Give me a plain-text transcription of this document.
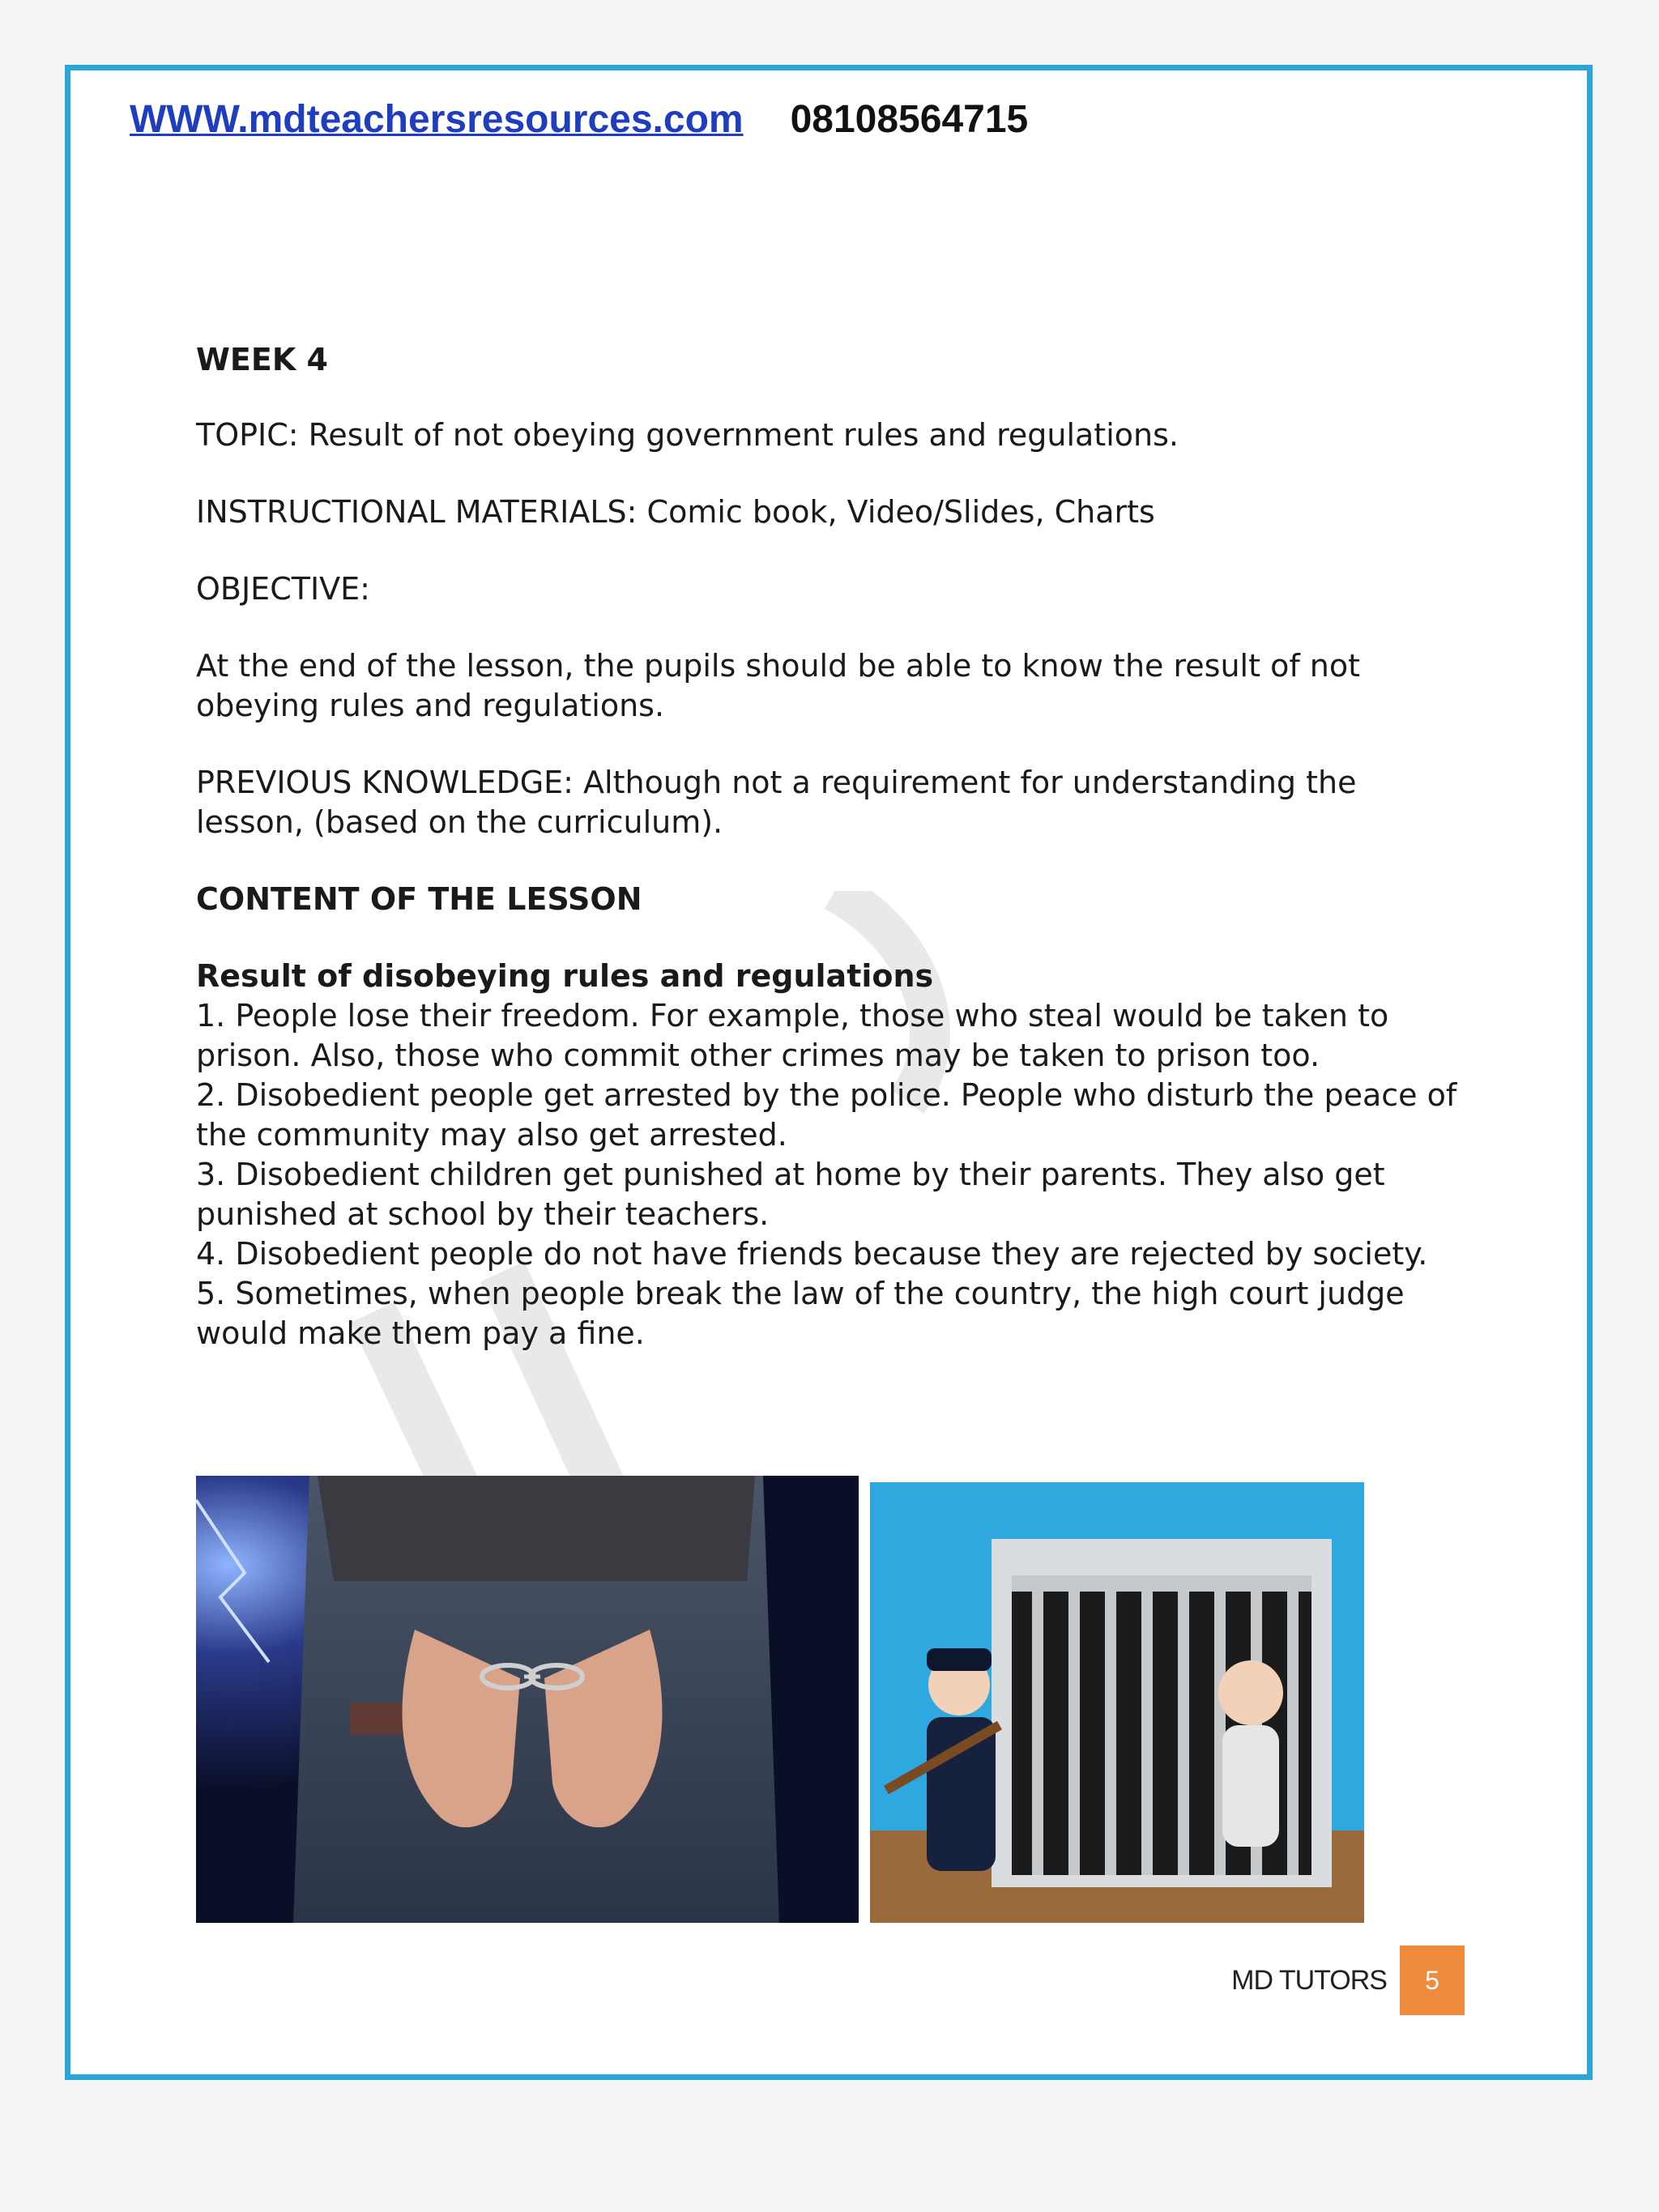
WWW.mdteachersresources.com 08108564715

WEEK 4

TOPIC: Result of not obeying government rules and regulations.

INSTRUCTIONAL MATERIALS: Comic book, Video/Slides, Charts

OBJECTIVE:

At the end of the lesson, the pupils should be able to know the result of not obeying rules and regulations.

PREVIOUS KNOWLEDGE: Although not a requirement for understanding the lesson, (based on the curriculum).

CONTENT OF THE LESSON

Result of disobeying rules and regulations

1. People lose their freedom. For example, those who steal would be taken to prison. Also, those who commit other crimes may be taken to prison too.

2. Disobedient people get arrested by the police. People who disturb the peace of the community may also get arrested.

3. Disobedient children get punished at home by their parents. They also get punished at school by their teachers.

4. Disobedient people do not have friends because they are rejected by society.

5. Sometimes, when people break the law of the country, the high court judge would make them pay a fine.

MD TUTORS	5
